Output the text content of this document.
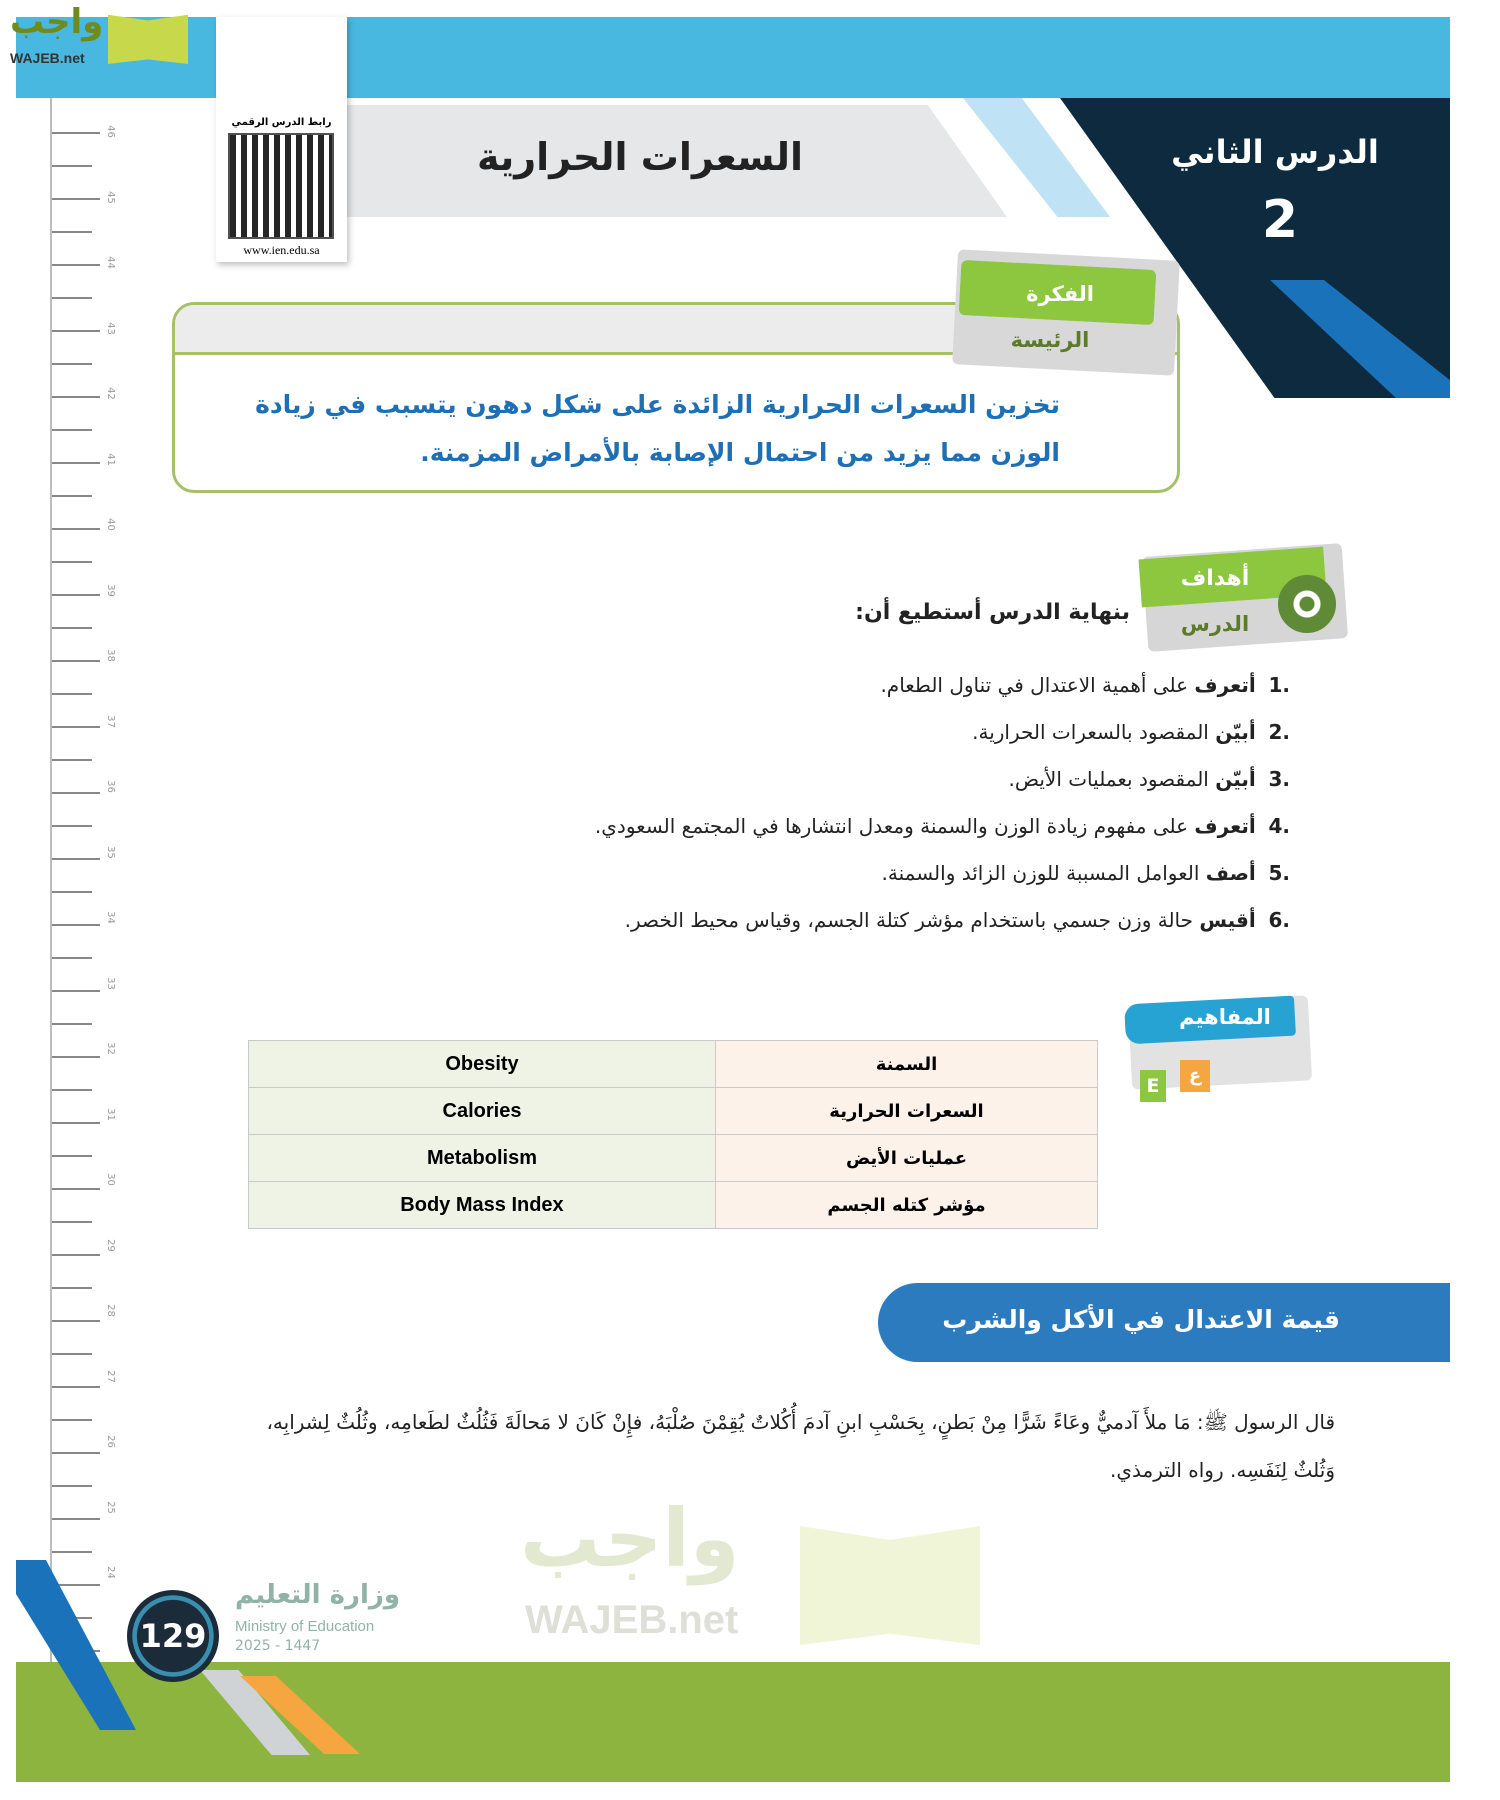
واجب
WAJEB.net
واجب
WAJEB.net
رابط الدرس الرقمي
www.ien.edu.sa
السعرات الحرارية	الدرس الثاني
2
الفكرة
الرئيسة
تخزين السعرات الحرارية الزائدة على شكل دهون يتسبب في زيادة
الوزن مما يزيد من احتمال الإصابة بالأمراض المزمنة.
أهداف
الدرس
بنهاية الدرس أستطيع أن:
.1  أتعرف على أهمية الاعتدال في تناول الطعام.
.2  أبيّن المقصود بالسعرات الحرارية.
.3  أبيّن المقصود بعمليات الأيض.
.4  أتعرف على مفهوم زيادة الوزن والسمنة ومعدل انتشارها في المجتمع السعودي.
.5  أصف العوامل المسببة للوزن الزائد والسمنة.
.6  أقيس حالة وزن جسمي باستخدام مؤشر كتلة الجسم، وقياس محيط الخصر.
المفاهيم
E	ع
Obesity	السمنة
Calories	السعرات الحرارية
Metabolism	عمليات الأيض
Body Mass Index	مؤشر كتله الجسم
قيمة الاعتدال في الأكل والشرب
قال الرسول ﷺ: مَا ملأَ آدميٌّ وعَاءً شَرًّا مِنْ بَطنٍ، بِحَسْبِ ابنِ آدمَ أُكُلاتٌ يُقِمْنَ صُلْبَهُ، فإِنْ كَانَ لا مَحالَةَ فَثُلُثٌ لطَعامِه، وثُلُثٌ لِشرابِه،
وَثُلثٌ لِنَفَسِه. رواه الترمذي.
46
45
44
43
42
41
40
39
38
37
36
35
34
33
32
31
30
29
28
27
26
25
24
129
وزارة التعليم
Ministry of Education
2025 - 1447
